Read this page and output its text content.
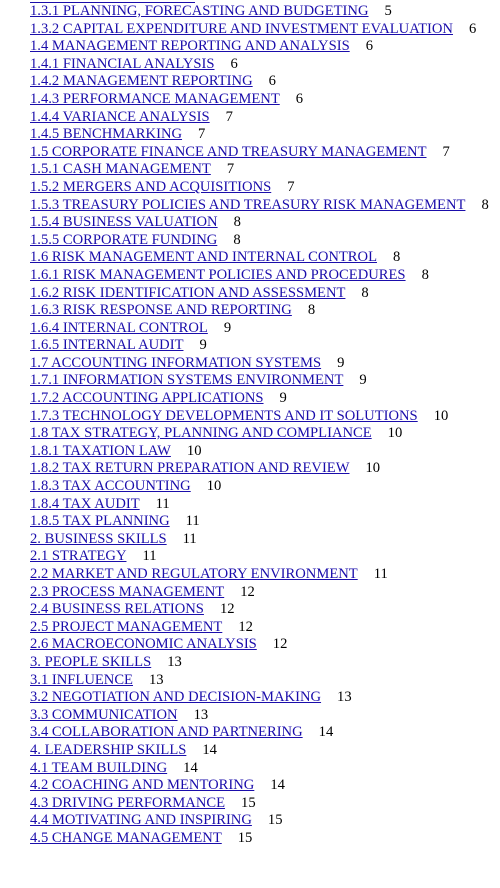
1.3.1 PLANNING, FORECASTING AND BUDGETING 5
1.3.2 CAPITAL EXPENDITURE AND INVESTMENT EVALUATION 6
1.4 MANAGEMENT REPORTING AND ANALYSIS 6
1.4.1 FINANCIAL ANALYSIS 6
1.4.2 MANAGEMENT REPORTING 6
1.4.3 PERFORMANCE MANAGEMENT 6
1.4.4 VARIANCE ANALYSIS 7
1.4.5 BENCHMARKING 7
1.5 CORPORATE FINANCE AND TREASURY MANAGEMENT 7
1.5.1 CASH MANAGEMENT 7
1.5.2 MERGERS AND ACQUISITIONS 7
1.5.3 TREASURY POLICIES AND TREASURY RISK MANAGEMENT 8
1.5.4 BUSINESS VALUATION 8
1.5.5 CORPORATE FUNDING 8
1.6 RISK MANAGEMENT AND INTERNAL CONTROL 8
1.6.1 RISK MANAGEMENT POLICIES AND PROCEDURES 8
1.6.2 RISK IDENTIFICATION AND ASSESSMENT 8
1.6.3 RISK RESPONSE AND REPORTING 8
1.6.4 INTERNAL CONTROL 9
1.6.5 INTERNAL AUDIT 9
1.7 ACCOUNTING INFORMATION SYSTEMS 9
1.7.1 INFORMATION SYSTEMS ENVIRONMENT 9
1.7.2 ACCOUNTING APPLICATIONS 9
1.7.3 TECHNOLOGY DEVELOPMENTS AND IT SOLUTIONS 10
1.8 TAX STRATEGY, PLANNING AND COMPLIANCE 10
1.8.1 TAXATION LAW 10
1.8.2 TAX RETURN PREPARATION AND REVIEW 10
1.8.3 TAX ACCOUNTING 10
1.8.4 TAX AUDIT 11
1.8.5 TAX PLANNING 11
2. BUSINESS SKILLS 11
2.1 STRATEGY 11
2.2 MARKET AND REGULATORY ENVIRONMENT 11
2.3 PROCESS MANAGEMENT 12
2.4 BUSINESS RELATIONS 12
2.5 PROJECT MANAGEMENT 12
2.6 MACROECONOMIC ANALYSIS 12
3. PEOPLE SKILLS 13
3.1 INFLUENCE 13
3.2 NEGOTIATION AND DECISION-MAKING 13
3.3 COMMUNICATION 13
3.4 COLLABORATION AND PARTNERING 14
4. LEADERSHIP SKILLS 14
4.1 TEAM BUILDING 14
4.2 COACHING AND MENTORING 14
4.3 DRIVING PERFORMANCE 15
4.4 MOTIVATING AND INSPIRING 15
4.5 CHANGE MANAGEMENT 15
